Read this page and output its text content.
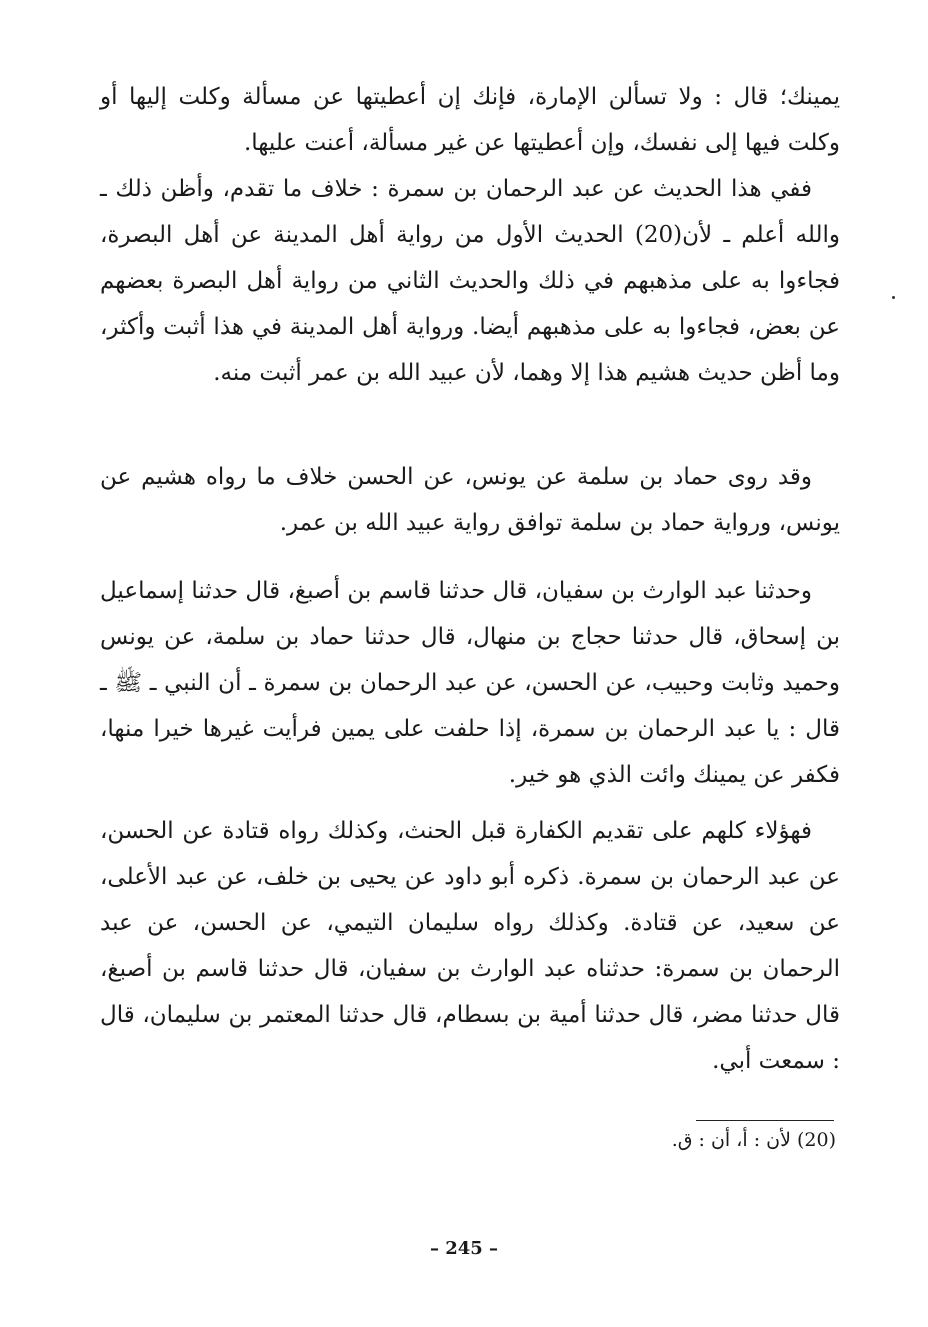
يمينك؛ قال : ولا تسألن الإمارة، فإنك إن أعطيتها عن مسألة وكلت إليها أو وكلت فيها إلى نفسك، وإن أعطيتها عن غير مسألة، أعنت عليها.

ففي هذا الحديث عن عبد الرحمان بن سمرة : خلاف ما تقدم، وأظن ذلك ـ والله أعلم ـ لأن(20) الحديث الأول من رواية أهل المدينة عن أهل البصرة، فجاءوا به على مذهبهم في ذلك والحديث الثاني من رواية أهل البصرة بعضهم عن بعض، فجاءوا به على مذهبهم أيضا. ورواية أهل المدينة في هذا أثبت وأكثر، وما أظن حديث هشيم هذا إلا وهما، لأن عبيد الله بن عمر أثبت منه.

وقد روى حماد بن سلمة عن يونس، عن الحسن خلاف ما رواه هشيم عن يونس، ورواية حماد بن سلمة توافق رواية عبيد الله بن عمر.

وحدثنا عبد الوارث بن سفيان، قال حدثنا قاسم بن أصبغ، قال حدثنا إسماعيل بن إسحاق، قال حدثنا حجاج بن منهال، قال حدثنا حماد بن سلمة، عن يونس وحميد وثابت وحبيب، عن الحسن، عن عبد الرحمان بن سمرة ـ أن النبي ـ ﷺ ـ قال : يا عبد الرحمان بن سمرة، إذا حلفت على يمين فرأيت غيرها خيرا منها، فكفر عن يمينك وائت الذي هو خير.

فهؤلاء كلهم على تقديم الكفارة قبل الحنث، وكذلك رواه قتادة عن الحسن، عن عبد الرحمان بن سمرة. ذكره أبو داود عن يحيى بن خلف، عن عبد الأعلى، عن سعيد، عن قتادة. وكذلك رواه سليمان التيمي، عن الحسن، عن عبد الرحمان بن سمرة: حدثناه عبد الوارث بن سفيان، قال حدثنا قاسم بن أصبغ، قال حدثنا مضر، قال حدثنا أمية بن بسطام، قال حدثنا المعتمر بن سليمان، قال : سمعت أبي.

(20) لأن : أ، أن : ق.
– 245 –
